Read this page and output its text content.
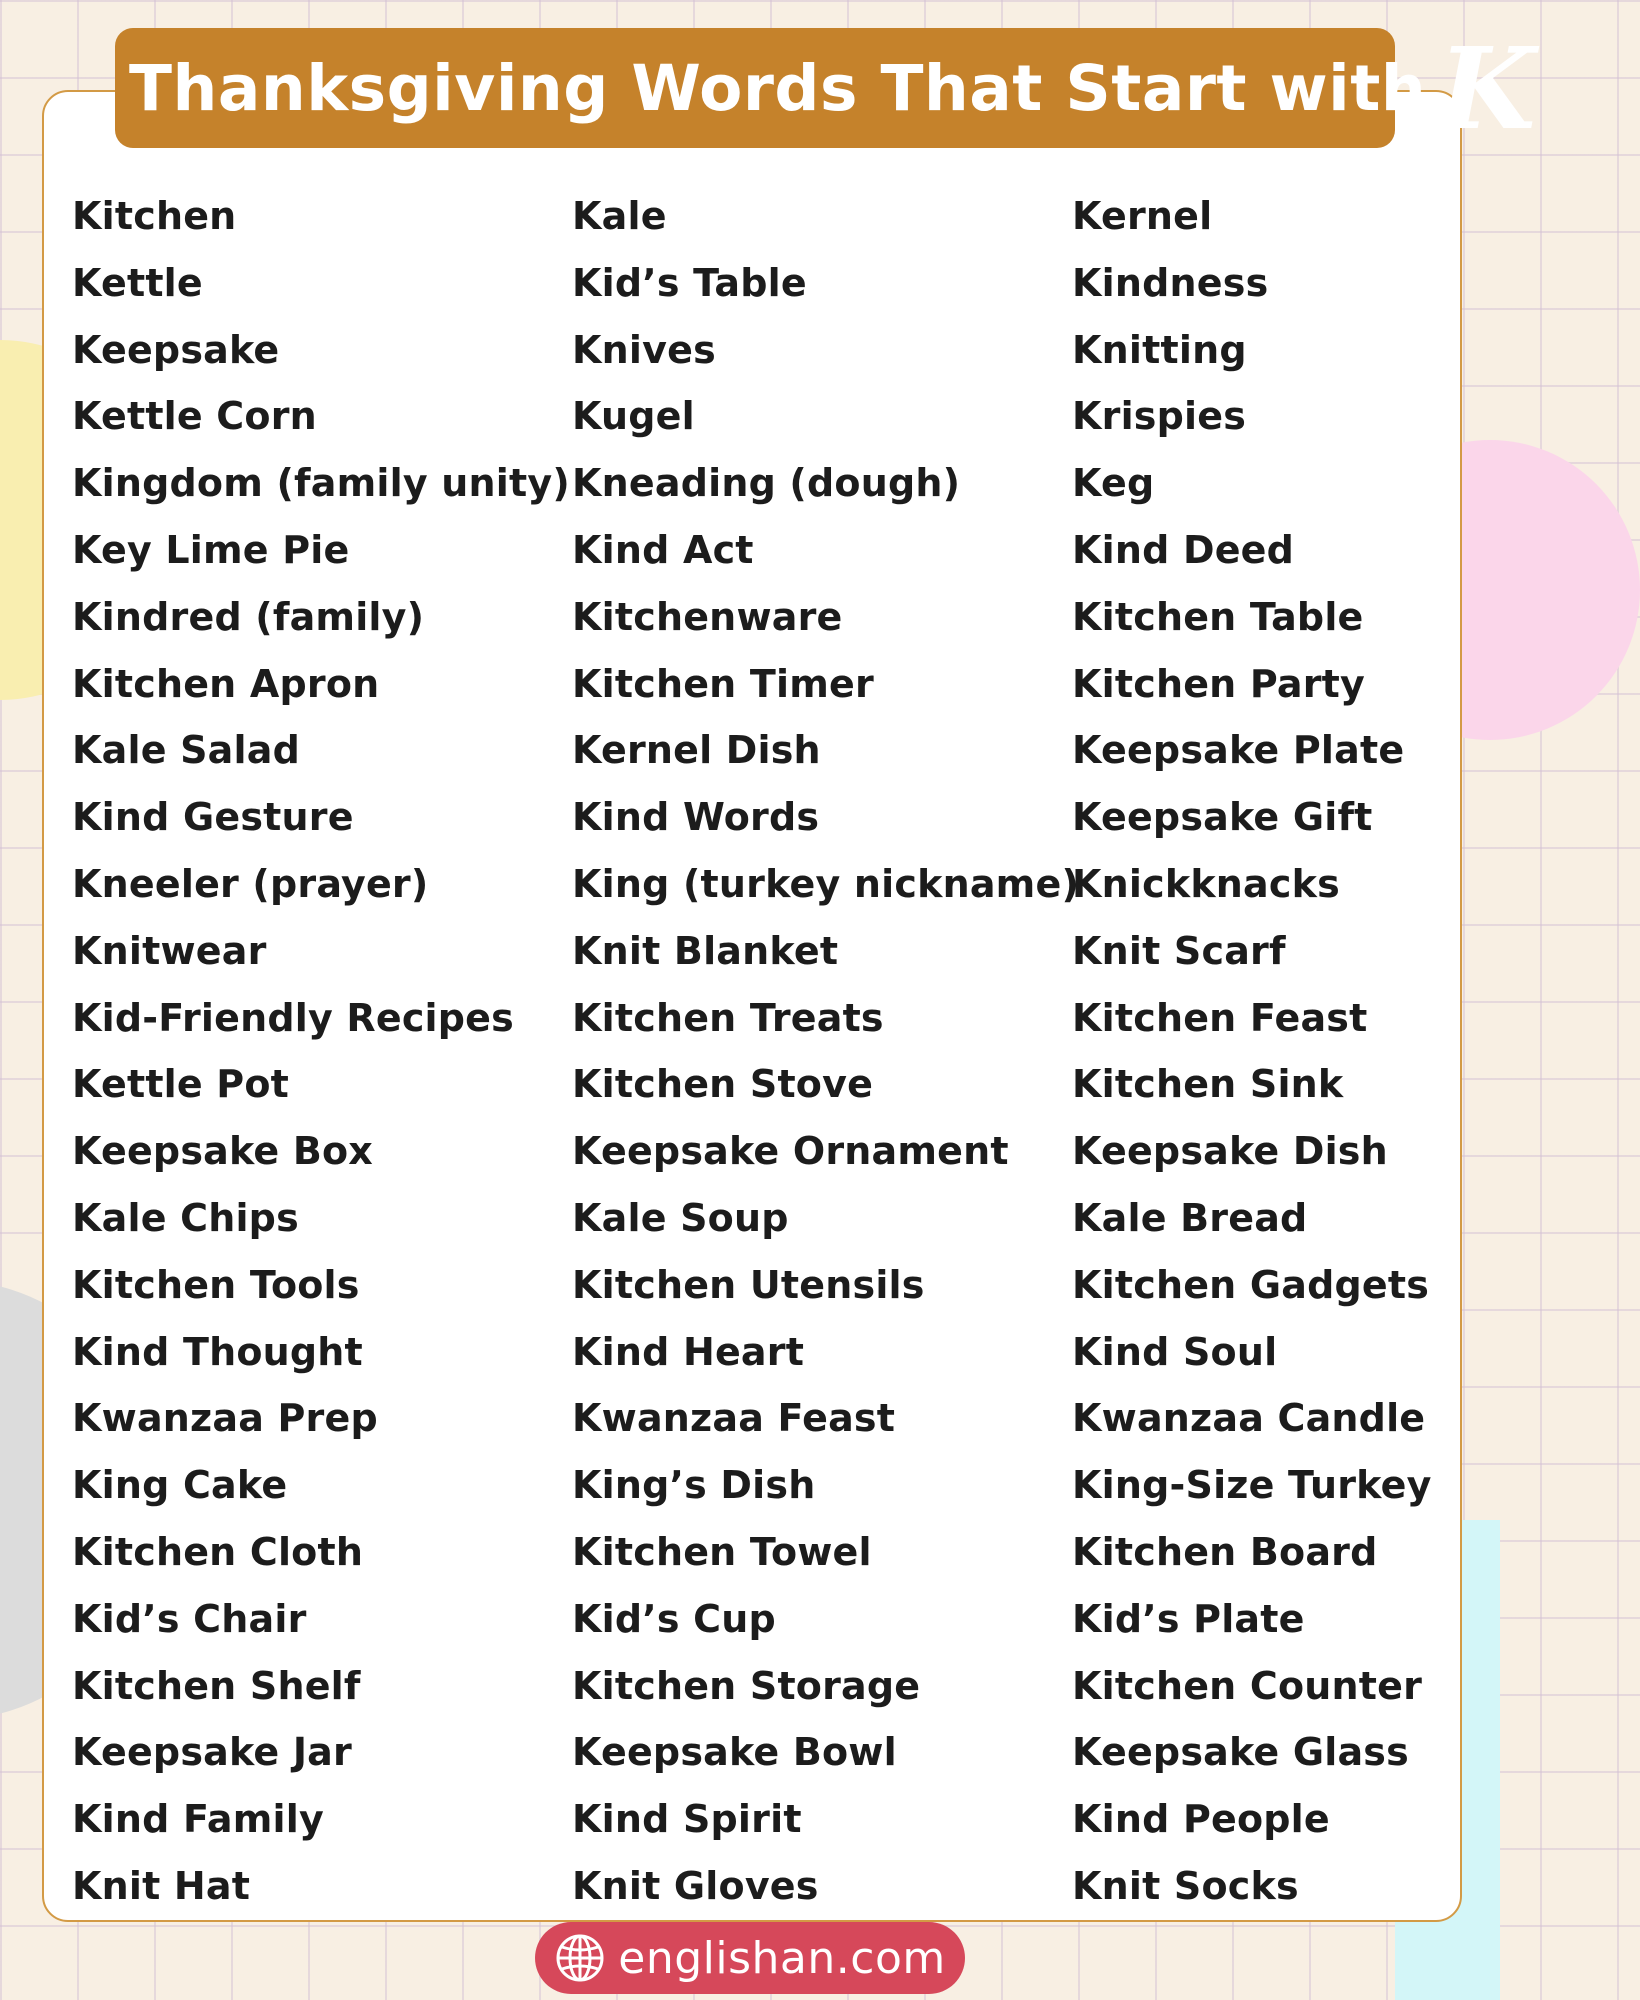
Thanksgiving Words That Start with K
Kitchen
Kettle
Keepsake
Kettle Corn
Kingdom (family unity)
Key Lime Pie
Kindred (family)
Kitchen Apron
Kale Salad
Kind Gesture
Kneeler (prayer)
Knitwear
Kid-Friendly Recipes
Kettle Pot
Keepsake Box
Kale Chips
Kitchen Tools
Kind Thought
Kwanzaa Prep
King Cake
Kitchen Cloth
Kid’s Chair
Kitchen Shelf
Keepsake Jar
Kind Family
Knit Hat
Kale
Kid’s Table
Knives
Kugel
Kneading (dough)
Kind Act
Kitchenware
Kitchen Timer
Kernel Dish
Kind Words
King (turkey nickname)
Knit Blanket
Kitchen Treats
Kitchen Stove
Keepsake Ornament
Kale Soup
Kitchen Utensils
Kind Heart
Kwanzaa Feast
King’s Dish
Kitchen Towel
Kid’s Cup
Kitchen Storage
Keepsake Bowl
Kind Spirit
Knit Gloves
Kernel
Kindness
Knitting
Krispies
Keg
Kind Deed
Kitchen Table
Kitchen Party
Keepsake Plate
Keepsake Gift
Knickknacks
Knit Scarf
Kitchen Feast
Kitchen Sink
Keepsake Dish
Kale Bread
Kitchen Gadgets
Kind Soul
Kwanzaa Candle
King-Size Turkey
Kitchen Board
Kid’s Plate
Kitchen Counter
Keepsake Glass
Kind People
Knit Socks
englishan.com
